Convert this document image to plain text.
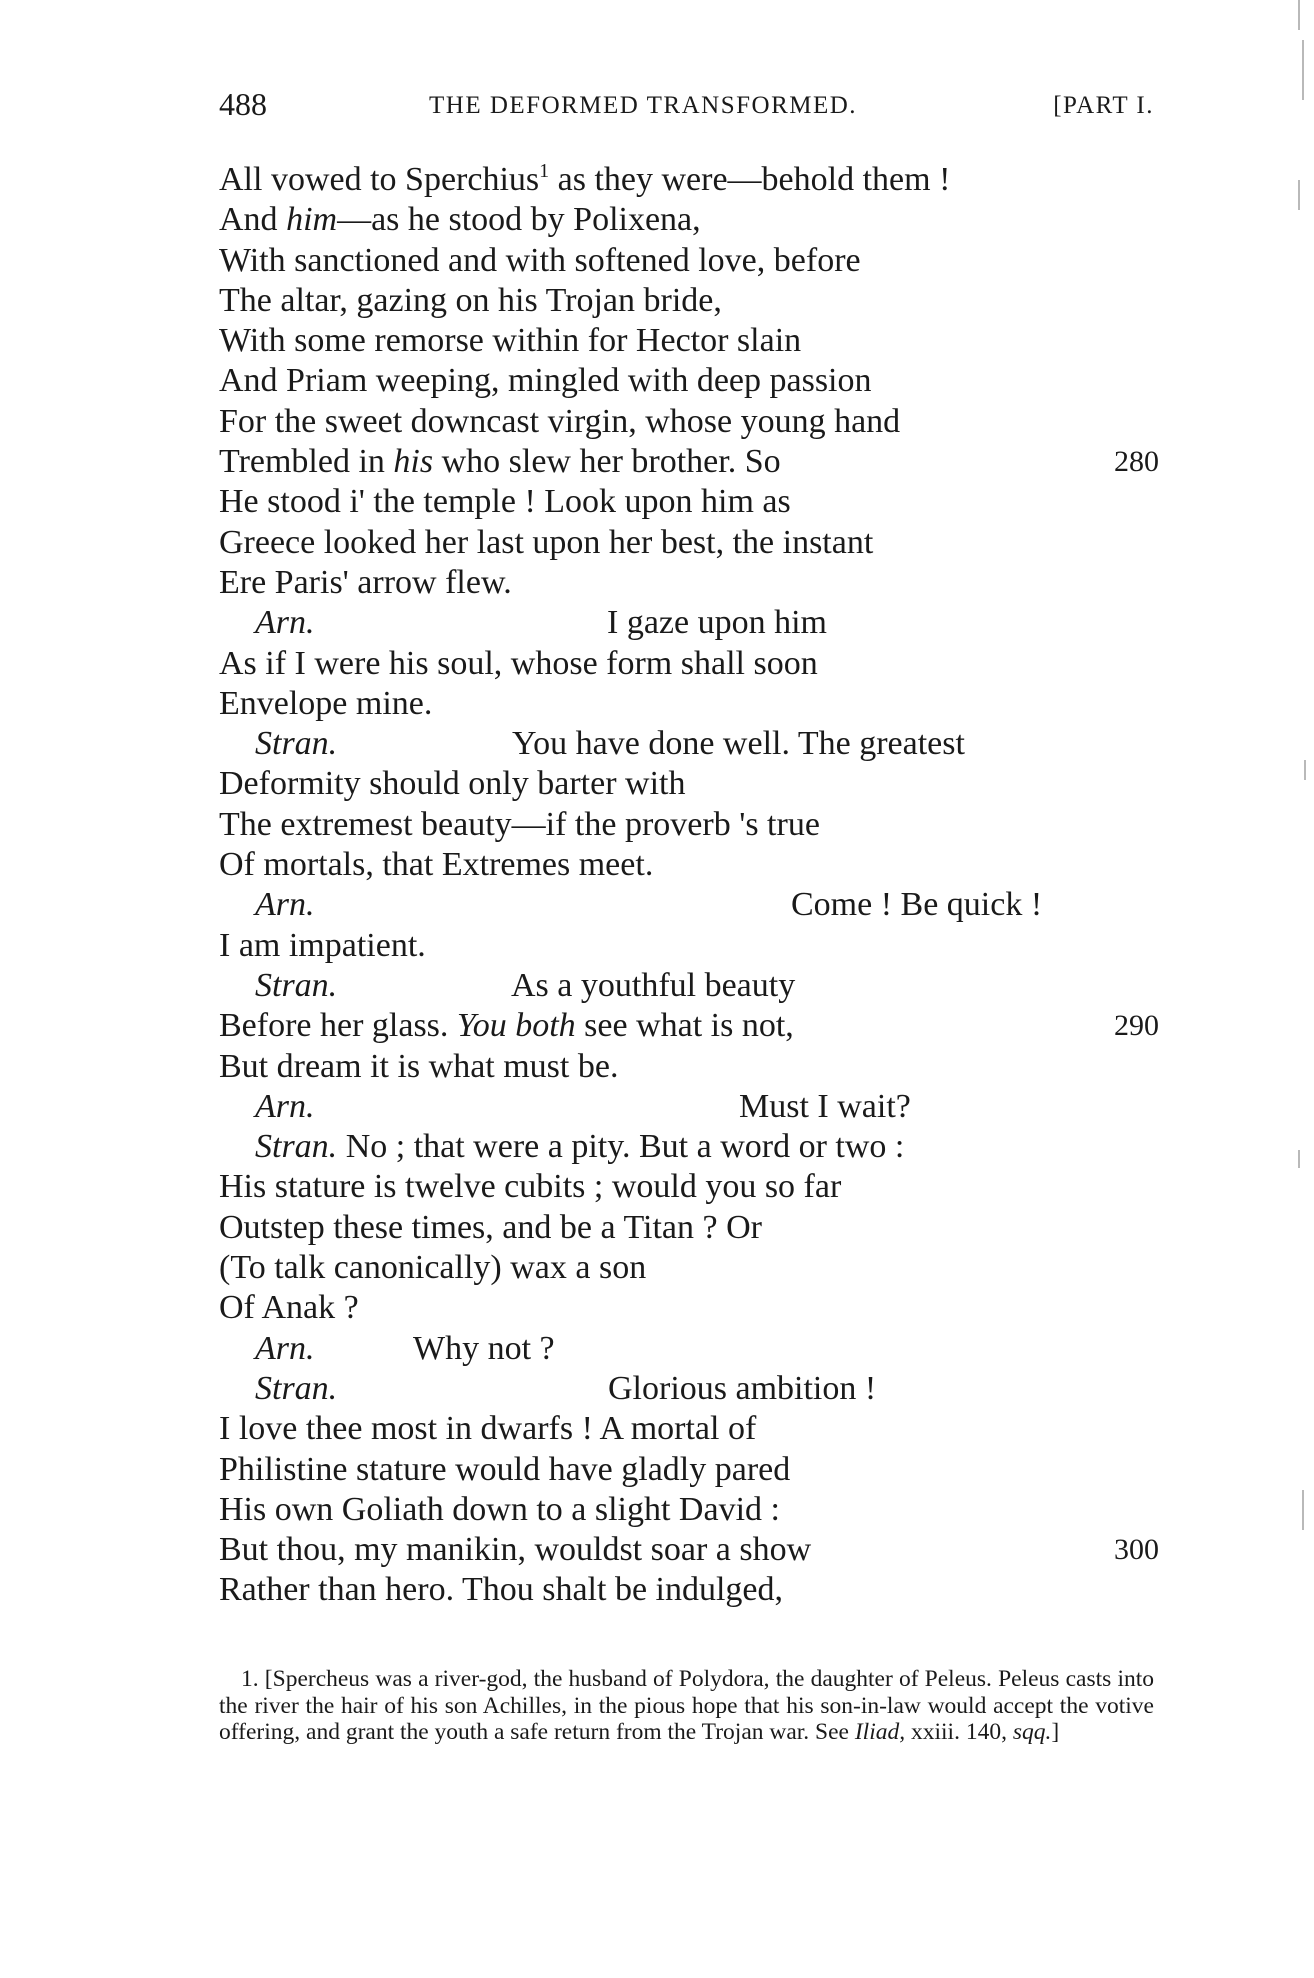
488	THE DEFORMED TRANSFORMED.	[PART I.
All vowed to Sperchius$^1$ as they were—behold them !
And him—as he stood by Polixena,
With sanctioned and with softened love, before
The altar, gazing on his Trojan bride,
With some remorse within for Hector slain
And Priam weeping, mingled with deep passion
For the sweet downcast virgin, whose young hand
Trembled in his who slew her brother. So	280
He stood i' the temple ! Look upon him as
Greece looked her last upon her best, the instant
Ere Paris' arrow flew.
Arn.	I gaze upon him
As if I were his soul, whose form shall soon
Envelope mine.
Stran.	You have done well. The greatest
Deformity should only barter with
The extremest beauty—if the proverb 's true
Of mortals, that Extremes meet.
Arn.	Come ! Be quick !
I am impatient.
Stran.	As a youthful beauty
Before her glass. You both see what is not,	290
But dream it is what must be.
Arn.	Must I wait?
Stran. No ; that were a pity. But a word or two :
His stature is twelve cubits ; would you so far
Outstep these times, and be a Titan ? Or
(To talk canonically) wax a son
Of Anak ?
Arn.	Why not ?
Stran.	Glorious ambition !
I love thee most in dwarfs ! A mortal of
Philistine stature would have gladly pared
His own Goliath down to a slight David :
But thou, my manikin, wouldst soar a show	300
Rather than hero. Thou shalt be indulged,

1. [Sperchеus was a river-god, the husband of Polydora, the daughter of Peleus. Peleus casts into the river the hair of his son Achilles, in the pious hope that his son-in-law would accept the votive offering, and grant the youth a safe return from the Trojan war. See Iliad, xxiii. 140, sqq.]
